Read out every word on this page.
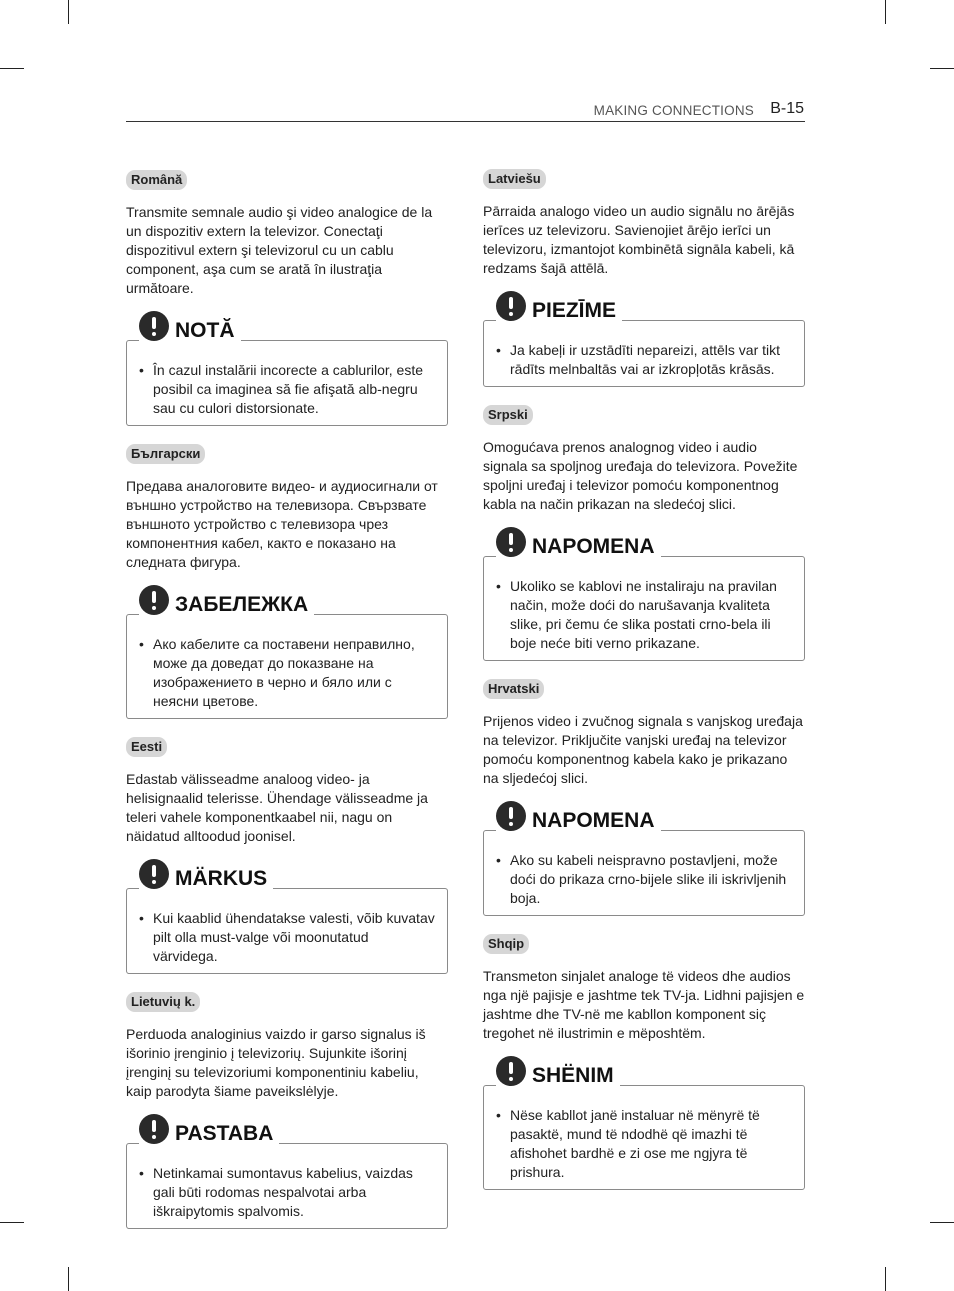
MAKING CONNECTIONS B-15
Română

Transmite semnale audio şi video analogice de la un dispozitiv extern la televizor. Conectaţi dispozitivul extern şi televizorul cu un cablu component, aşa cum se arată în ilustraţia următoare.

NOTĂ
• În cazul instalării incorecte a cablurilor, este posibil ca imaginea să fie afişată alb-negru sau cu culori distorsionate.
Български

Предава аналоговите видео- и аудиосигнали от външно устройство на телевизора. Свързвате външното устройство с телевизора чрез компонентния кабел, както е показано на следната фигура.

ЗАБЕЛЕЖКА
• Ако кабелите са поставени неправилно, може да доведат до показване на изображението в черно и бяло или с неясни цветове.
Eesti

Edastab välisseadme analoog video- ja helisignaalid telerisse. Ühendage välisseadme ja teleri vahele komponentkaabel nii, nagu on näidatud alltoodud joonisel.

MÄRKUS
• Kui kaablid ühendatakse valesti, võib kuvatav pilt olla must-valge või moonutatud värvidega.
Lietuvių k.

Perduoda analoginius vaizdo ir garso signalus iš išorinio įrenginio į televizorių. Sujunkite išorinį įrenginį su televizoriumi komponentiniu kabeliu, kaip parodyta šiame paveikslėlyje.

PASTABA
• Netinkamai sumontavus kabelius, vaizdas gali būti rodomas nespalvotai arba iškraipytomis spalvomis.
Latviešu

Pārraida analogo video un audio signālu no ārējās ierīces uz televizoru. Savienojiet ārējo ierīci un televizoru, izmantojot kombinētā signāla kabeli, kā redzams šajā attēlā.

PIEZĪME
• Ja kabeļi ir uzstādīti nepareizi, attēls var tikt rādīts melnbaltās vai ar izkropļotās krāsās.
Srpski

Omogućava prenos analognog video i audio signala sa spoljnog uređaja do televizora. Povežite spoljni uređaj i televizor pomoću komponentnog kabla na način prikazan na sledećoj slici.

NAPOMENA
• Ukoliko se kablovi ne instaliraju na pravilan način, može doći do narušavanja kvaliteta slike, pri čemu će slika postati crno-bela ili boje neće biti verno prikazane.
Hrvatski

Prijenos video i zvučnog signala s vanjskog uređaja na televizor. Priključite vanjski uređaj na televizor pomoću komponentnog kabela kako je prikazano na sljedećoj slici.

NAPOMENA
• Ako su kabeli neispravno postavljeni, može doći do prikaza crno-bijele slike ili iskrivljenih boja.
Shqip

Transmeton sinjalet analoge të videos dhe audios nga një pajisje e jashtme tek TV-ja. Lidhni pajisjen e jashtme dhe TV-në me kabllon komponent siç tregohet në ilustrimin e mëposhtëm.

SHËNIM
• Nëse kabllot janë instaluar në mënyrë të pasaktë, mund të ndodhë që imazhi të afishohet bardhë e zi ose me ngjyra të prishura.
